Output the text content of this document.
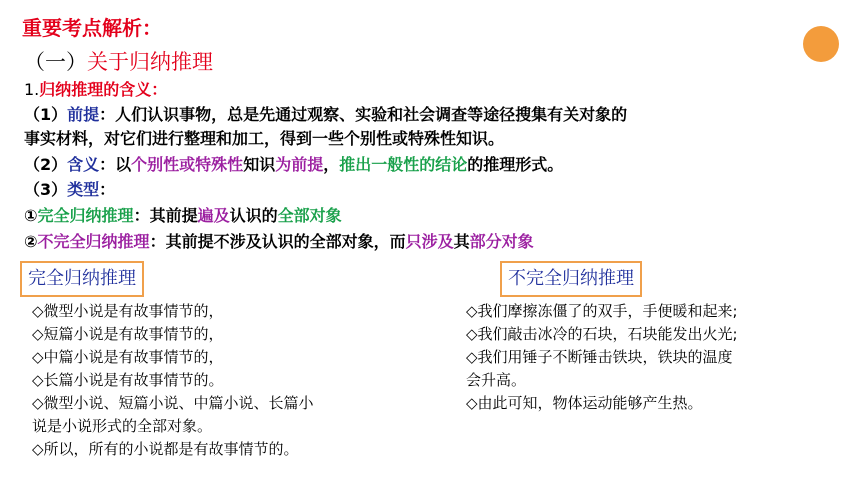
重要考点解析：
（一）关于归纳推理
1.归纳推理的含义：
（1）前提：人们认识事物，总是先通过观察、实验和社会调查等途径搜集有关对象的
事实材料，对它们进行整理和加工，得到一些个别性或特殊性知识。
（2）含义：以个别性或特殊性知识为前提，推出一般性的结论的推理形式。
（3）类型：
①完全归纳推理：其前提遍及认识的全部对象
②不完全归纳推理：其前提不涉及认识的全部对象，而只涉及其部分对象
完全归纳推理	不完全归纳推理
◇微型小说是有故事情节的，
◇短篇小说是有故事情节的，
◇中篇小说是有故事情节的，
◇长篇小说是有故事情节的。
◇微型小说、短篇小说、中篇小说、长篇小
说是小说形式的全部对象。
◇所以，所有的小说都是有故事情节的。
◇我们摩擦冻僵了的双手，手便暖和起来;
◇我们敲击冰冷的石块，石块能发出火光;
◇我们用锤子不断锤击铁块，铁块的温度
会升高。
◇由此可知，物体运动能够产生热。
